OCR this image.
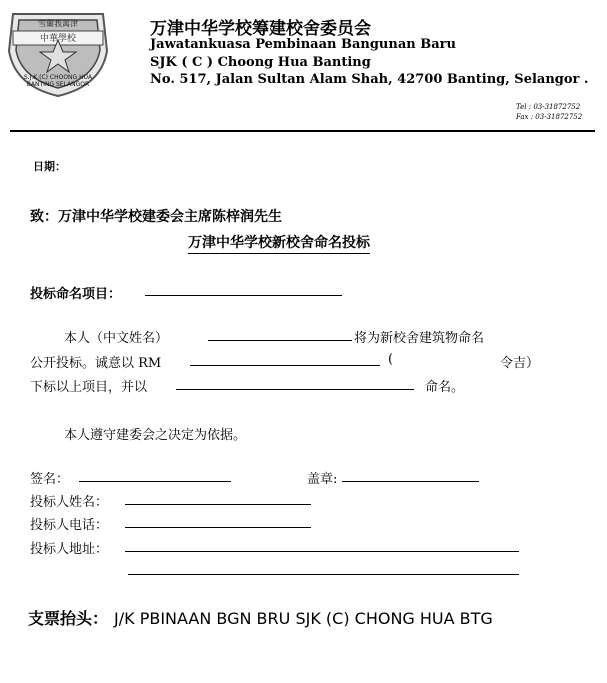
雪蘭莪萬津
中華學校
S.J.K.(C) CHOONG HUA
BANTING SELANGOR
万津中华学校筹建校舍委员会
Jawatankuasa Pembinaan Bangunan Baru
SJK ( C ) Choong Hua Banting
No. 517, Jalan Sultan Alam Shah, 42700 Banting, Selangor .
Tel : 03-31872752
Fax : 03-31872752
日期：
致：万津中华学校建委会主席陈梓润先生
万津中华学校新校舍命名投标
投标命名项目：
本人（中文姓名）	将为新校舍建筑物命名
公开投标。诚意以 RM	(	令吉）
下标以上项目，并以	命名。
本人遵守建委会之决定为依据。
签名：	盖章:
投标人姓名：
投标人电话：
投标人地址：
支票抬头： J/K PBINAAN BGN BRU SJK (C) CHONG HUA BTG
